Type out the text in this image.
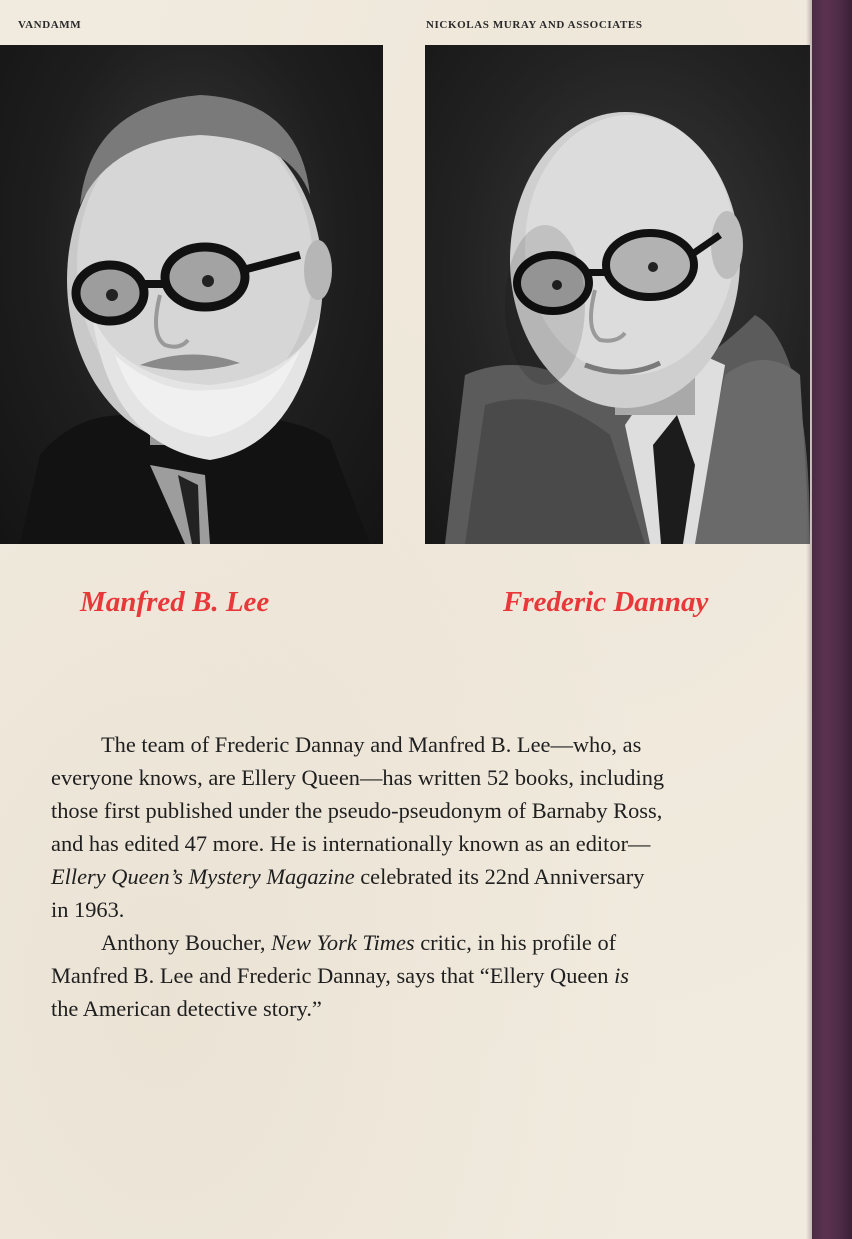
VANDAMM	NICKOLAS MURAY AND ASSOCIATES
Manfred B. Lee	Frederic Dannay
The team of Frederic Dannay and Manfred B. Lee—who, as
everyone knows, are Ellery Queen—has written 52 books, including
those first published under the pseudo-pseudonym of Barnaby Ross,
and has edited 47 more. He is internationally known as an editor—
Ellery Queen’s Mystery Magazine celebrated its 22nd Anniversary
in 1963.
Anthony Boucher, New York Times critic, in his profile of
Manfred B. Lee and Frederic Dannay, says that “Ellery Queen is
the American detective story.”
